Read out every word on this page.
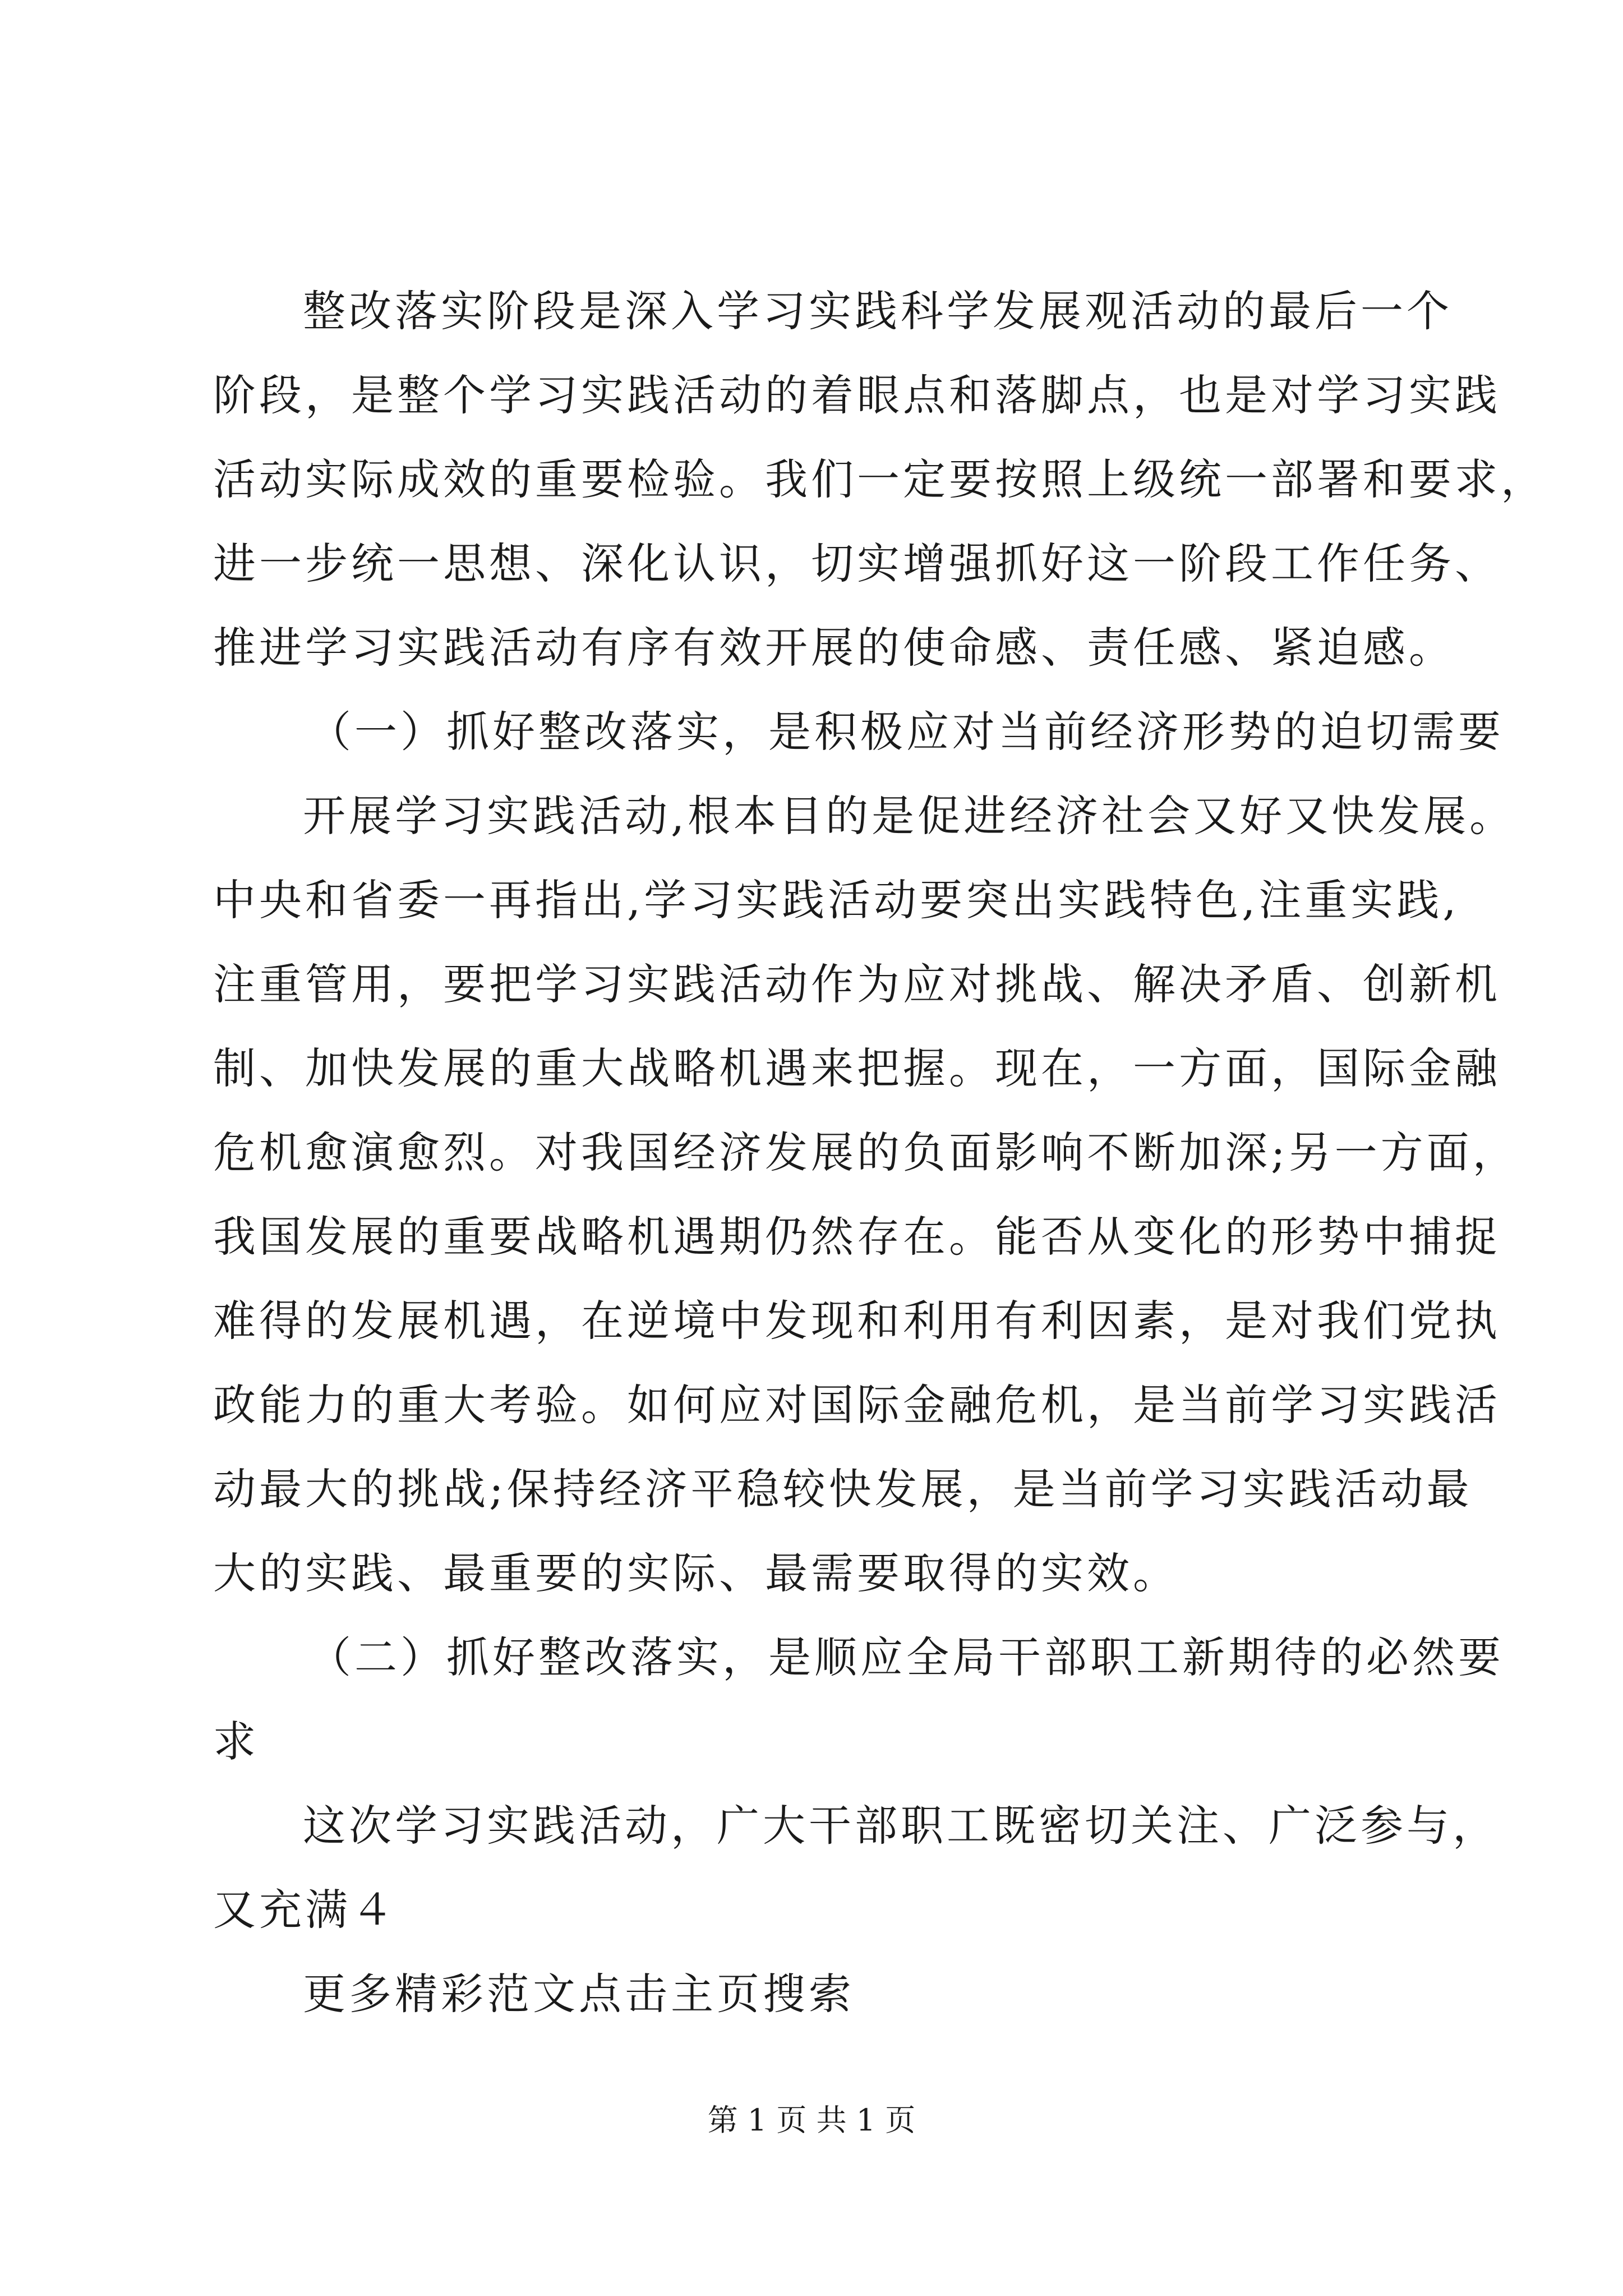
整改落实阶段是深入学习实践科学发展观活动的最后一个
阶段，是整个学习实践活动的着眼点和落脚点，也是对学习实践
活动实际成效的重要检验。我们一定要按照上级统一部署和要求，
进一步统一思想、深化认识，切实增强抓好这一阶段工作任务、
推进学习实践活动有序有效开展的使命感、责任感、紧迫感。
（一）抓好整改落实，是积极应对当前经济形势的迫切需要
开展学习实践活动,根本目的是促进经济社会又好又快发展。
中央和省委一再指出,学习实践活动要突出实践特色,注重实践,
注重管用，要把学习实践活动作为应对挑战、解决矛盾、创新机
制、加快发展的重大战略机遇来把握。现在，一方面，国际金融
危机愈演愈烈。对我国经济发展的负面影响不断加深;另一方面，
我国发展的重要战略机遇期仍然存在。能否从变化的形势中捕捉
难得的发展机遇，在逆境中发现和利用有利因素，是对我们党执
政能力的重大考验。如何应对国际金融危机，是当前学习实践活
动最大的挑战;保持经济平稳较快发展，是当前学习实践活动最
大的实践、最重要的实际、最需要取得的实效。
（二）抓好整改落实，是顺应全局干部职工新期待的必然要
求
这次学习实践活动，广大干部职工既密切关注、广泛参与，
又充满４
更多精彩范文点击主页搜索
第 1 页 共 1 页
